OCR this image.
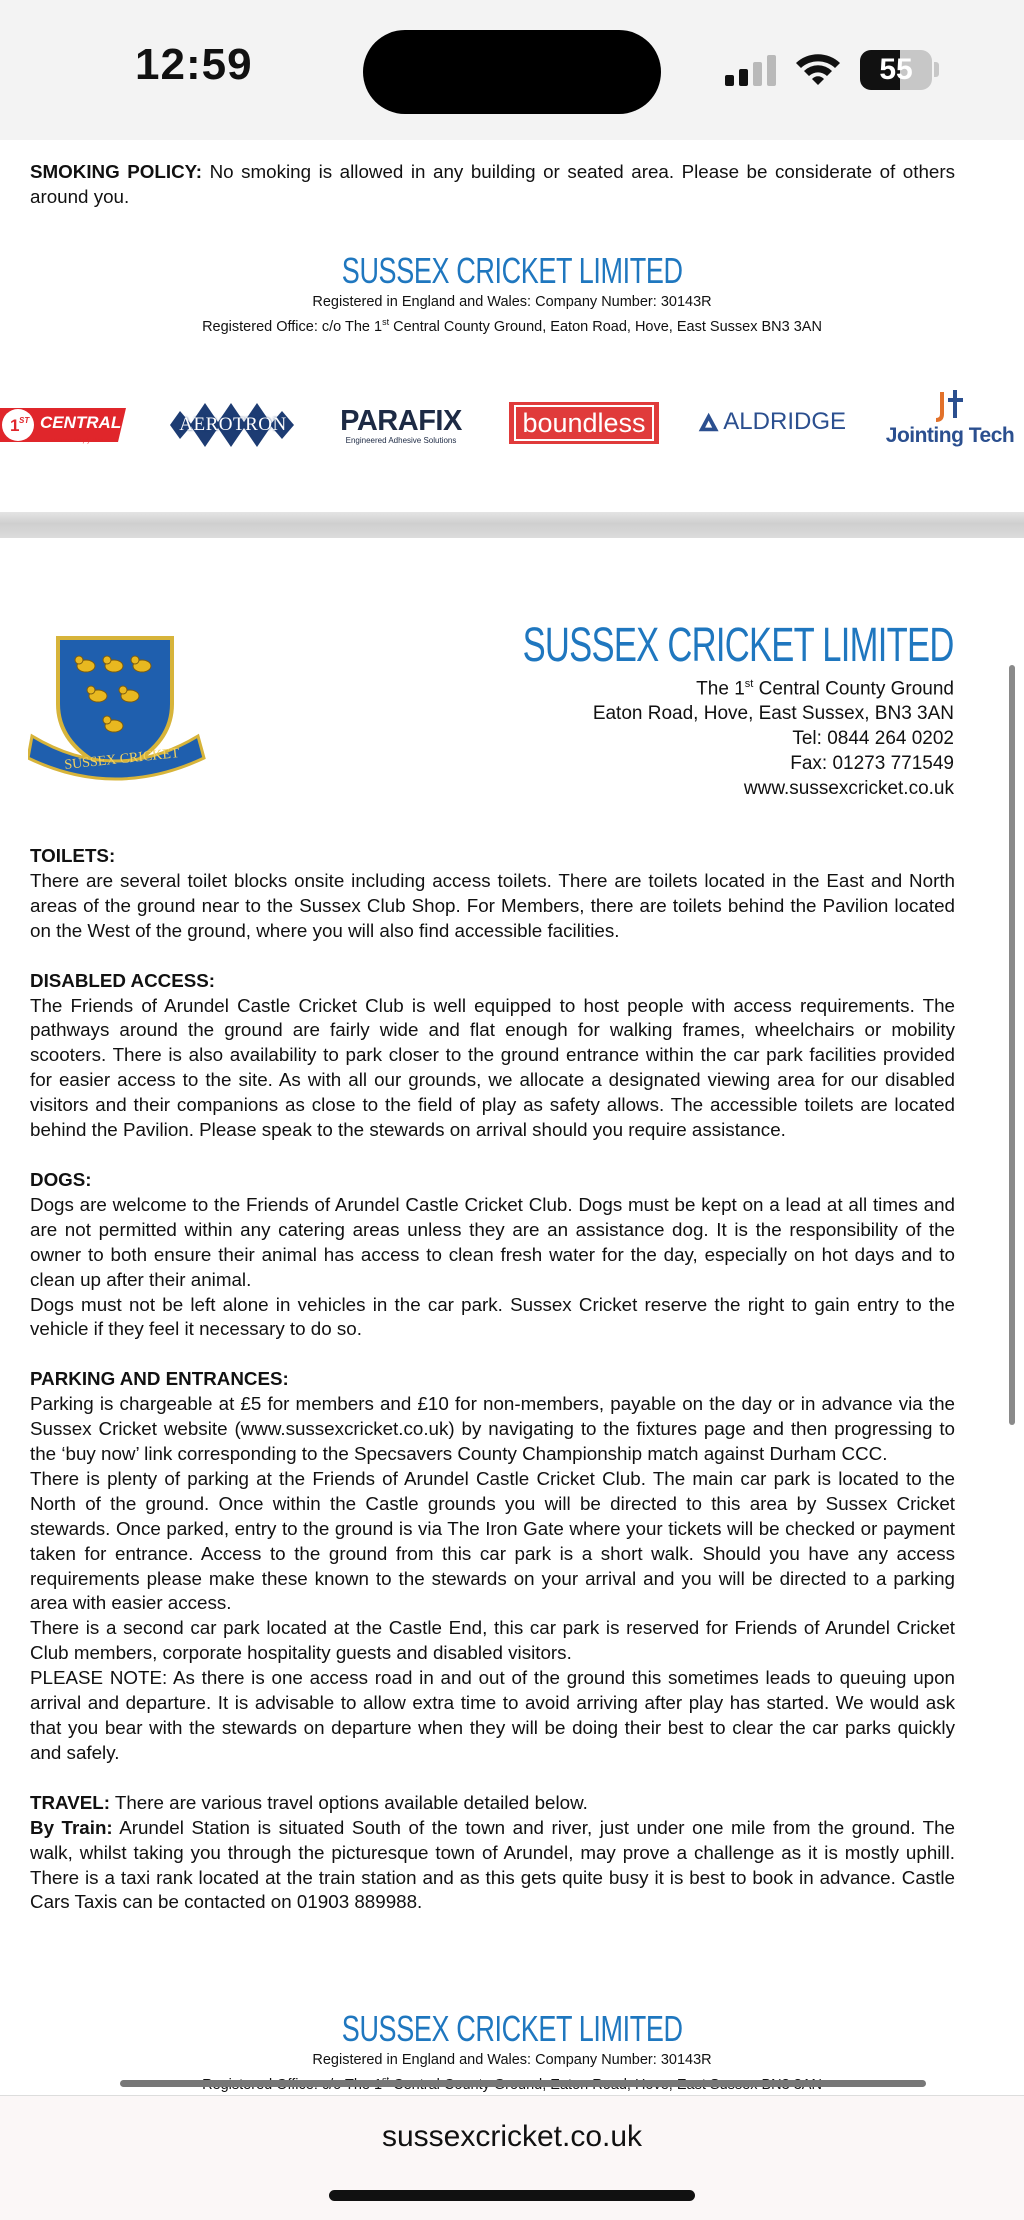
12:59	55

SMOKING POLICY: No smoking is allowed in any building or seated area. Please be considerate of others around you.

SUSSEX CRICKET LIMITED
Registered in England and Wales: Company Number: 30143R
Registered Office: c/o The 1st Central County Ground, Eaton Road, Hove, East Sussex BN3 3AN
1 ST CENTRAL
insurance simply driven
AEROTRON PARAFIX
Engineered Adhesive Solutions
boundless	ALDRIDGE
Jointing Tech
SUSSEX CRICKET
SUSSEX CRICKET LIMITED
The 1st Central County Ground
Eaton Road, Hove, East Sussex, BN3 3AN
Tel: 0844 264 0202
Fax: 01273 771549
www.sussexcricket.co.uk

TOILETS:

There are several toilet blocks onsite including access toilets. There are toilets located in the East and North areas of the ground near to the Sussex Club Shop. For Members, there are toilets behind the Pavilion located on the West of the ground, where you will also find accessible facilities.

DISABLED ACCESS:

The Friends of Arundel Castle Cricket Club is well equipped to host people with access requirements. The pathways around the ground are fairly wide and flat enough for walking frames, wheelchairs or mobility scooters. There is also availability to park closer to the ground entrance within the car park facilities provided for easier access to the site. As with all our grounds, we allocate a designated viewing area for our disabled visitors and their companions as close to the field of play as safety allows. The accessible toilets are located behind the Pavilion. Please speak to the stewards on arrival should you require assistance.

DOGS:

Dogs are welcome to the Friends of Arundel Castle Cricket Club. Dogs must be kept on a lead at all times and are not permitted within any catering areas unless they are an assistance dog. It is the responsibility of the owner to both ensure their animal has access to clean fresh water for the day, especially on hot days and to clean up after their animal.

Dogs must not be left alone in vehicles in the car park. Sussex Cricket reserve the right to gain entry to the vehicle if they feel it necessary to do so.

PARKING AND ENTRANCES:

Parking is chargeable at £5 for members and £10 for non-members, payable on the day or in advance via the Sussex Cricket website (www.sussexcricket.co.uk) by navigating to the fixtures page and then progressing to the ‘buy now’ link corresponding to the Specsavers County Championship match against Durham CCC.

There is plenty of parking at the Friends of Arundel Castle Cricket Club. The main car park is located to the North of the ground. Once within the Castle grounds you will be directed to this area by Sussex Cricket stewards. Once parked, entry to the ground is via The Iron Gate where your tickets will be checked or payment taken for entrance. Access to the ground from this car park is a short walk. Should you have any access requirements please make these known to the stewards on your arrival and you will be directed to a parking area with easier access.

There is a second car park located at the Castle End, this car park is reserved for Friends of Arundel Cricket Club members, corporate hospitality guests and disabled visitors.

PLEASE NOTE: As there is one access road in and out of the ground this sometimes leads to queuing upon arrival and departure. It is advisable to allow extra time to avoid arriving after play has started. We would ask that you bear with the stewards on departure when they will be doing their best to clear the car parks quickly and safely.

TRAVEL: There are various travel options available detailed below.

By Train: Arundel Station is situated South of the town and river, just under one mile from the ground. The walk, whilst taking you through the picturesque town of Arundel, may prove a challenge as it is mostly uphill. There is a taxi rank located at the train station and as this gets quite busy it is best to book in advance. Castle Cars Taxis can be contacted on 01903 889988.

SUSSEX CRICKET LIMITED
Registered in England and Wales: Company Number: 30143R
sussexcricket.co.uk
